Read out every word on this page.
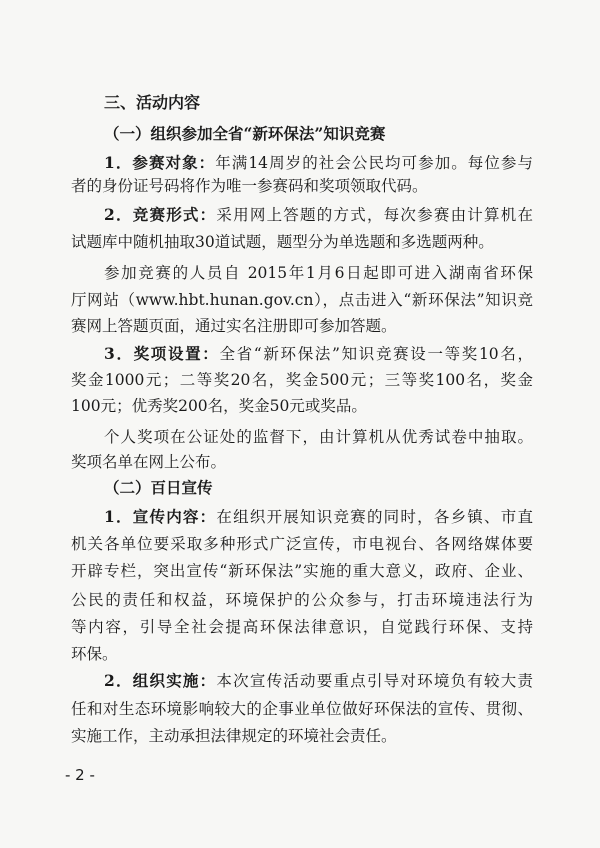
三、活动内容
（一）组织参加全省“新环保法”知识竞赛
1．参赛对象：年满14周岁的社会公民均可参加。每位参与
者的身份证号码将作为唯一参赛码和奖项领取代码。
2．竞赛形式：采用网上答题的方式，每次参赛由计算机在
试题库中随机抽取30道试题，题型分为单选题和多选题两种。
参加竞赛的人员自 2015年1月6日起即可进入湖南省环保
厅网站（www.hbt.hunan.gov.cn），点击进入“新环保法”知识竞
赛网上答题页面，通过实名注册即可参加答题。
3．奖项设置：全省“新环保法”知识竞赛设一等奖10名，
奖金1000元；二等奖20名，奖金500元；三等奖100名，奖金
100元；优秀奖200名，奖金50元或奖品。
个人奖项在公证处的监督下，由计算机从优秀试卷中抽取。
奖项名单在网上公布。
（二）百日宣传
1．宣传内容：在组织开展知识竞赛的同时，各乡镇、市直
机关各单位要采取多种形式广泛宣传，市电视台、各网络媒体要
开辟专栏，突出宣传“新环保法”实施的重大意义，政府、企业、
公民的责任和权益，环境保护的公众参与，打击环境违法行为
等内容，引导全社会提高环保法律意识，自觉践行环保、支持
环保。
2．组织实施：本次宣传活动要重点引导对环境负有较大责
任和对生态环境影响较大的企事业单位做好环保法的宣传、贯彻、
实施工作，主动承担法律规定的环境社会责任。
- 2 -
